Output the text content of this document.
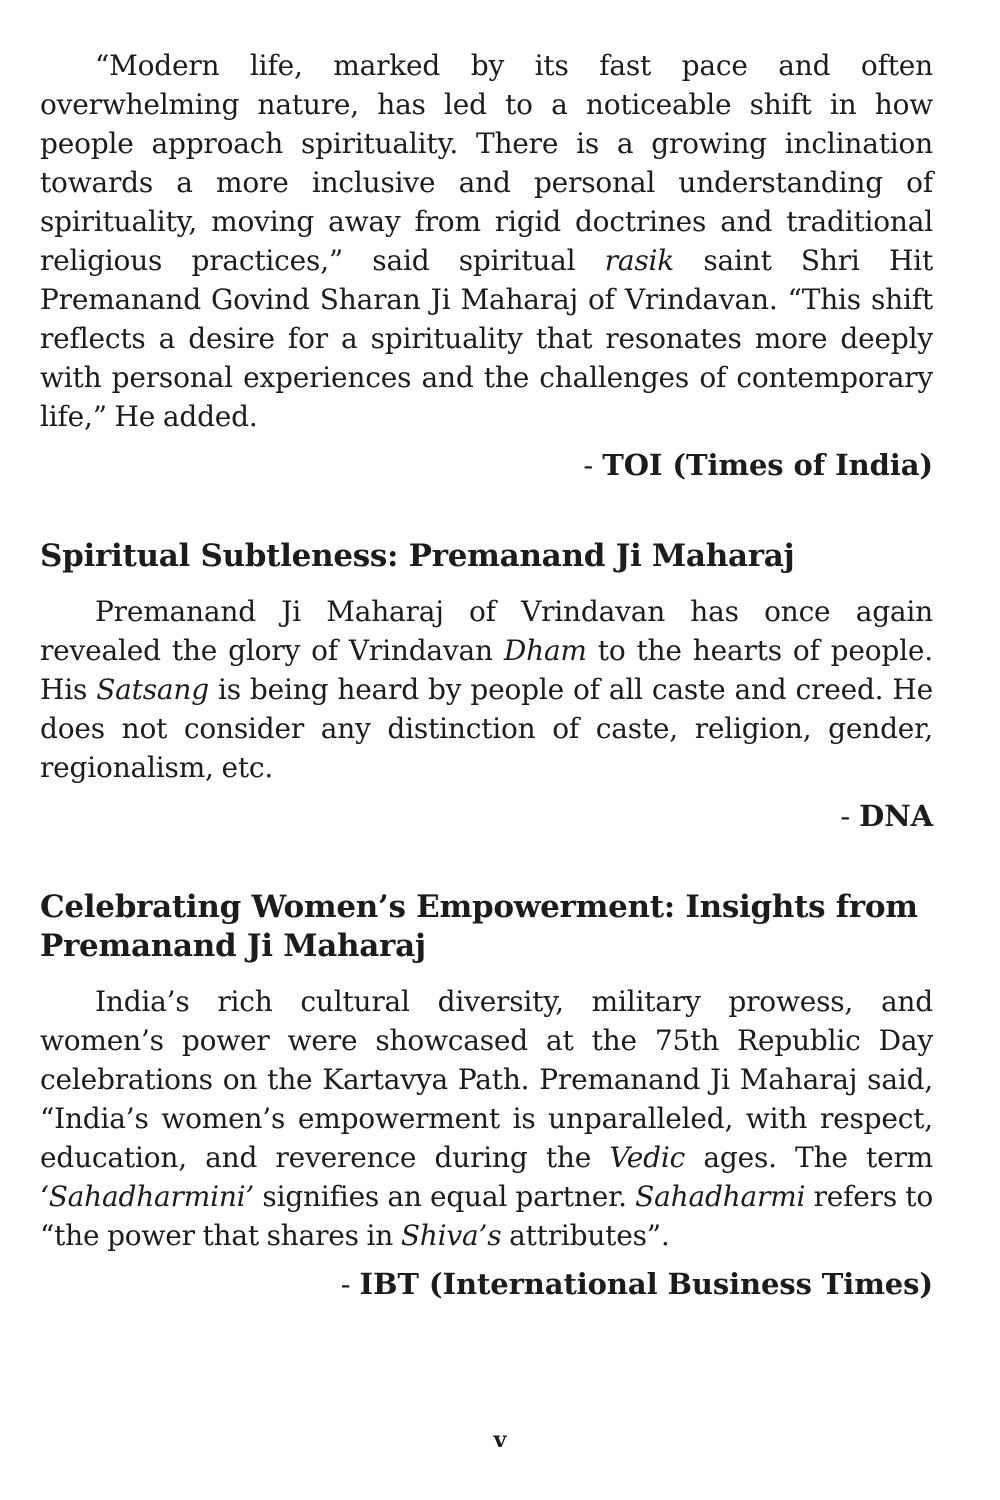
“Modern life, marked by its fast pace and often overwhelming nature, has led to a noticeable shift in how people approach spirituality. There is a growing inclination towards a more inclusive and personal understanding of spirituality, moving away from rigid doctrines and traditional religious practices,” said spiritual rasik saint Shri Hit Premanand Govind Sharan Ji Maharaj of Vrindavan. “This shift reflects a desire for a spirituality that resonates more deeply with personal experiences and the challenges of contemporary life,” He added.

- TOI (Times of India)
Spiritual Subtleness: Premanand Ji Maharaj

Premanand Ji Maharaj of Vrindavan has once again revealed the glory of Vrindavan Dham to the hearts of people. His Satsang is being heard by people of all caste and creed. He does not consider any distinction of caste, religion, gender, regionalism, etc.

- DNA
Celebrating Women’s Empowerment: Insights from Premanand Ji Maharaj

India’s rich cultural diversity, military prowess, and women’s power were showcased at the 75th Republic Day celebrations on the Kartavya Path. Premanand Ji Maharaj said, “India’s women’s empowerment is unparalleled, with respect, education, and reverence during the Vedic ages. The term ‘Sahadharmini’ signifies an equal partner. Sahadharmi refers to “the power that shares in Shiva’s attributes”.

- IBT (International Business Times)
v
